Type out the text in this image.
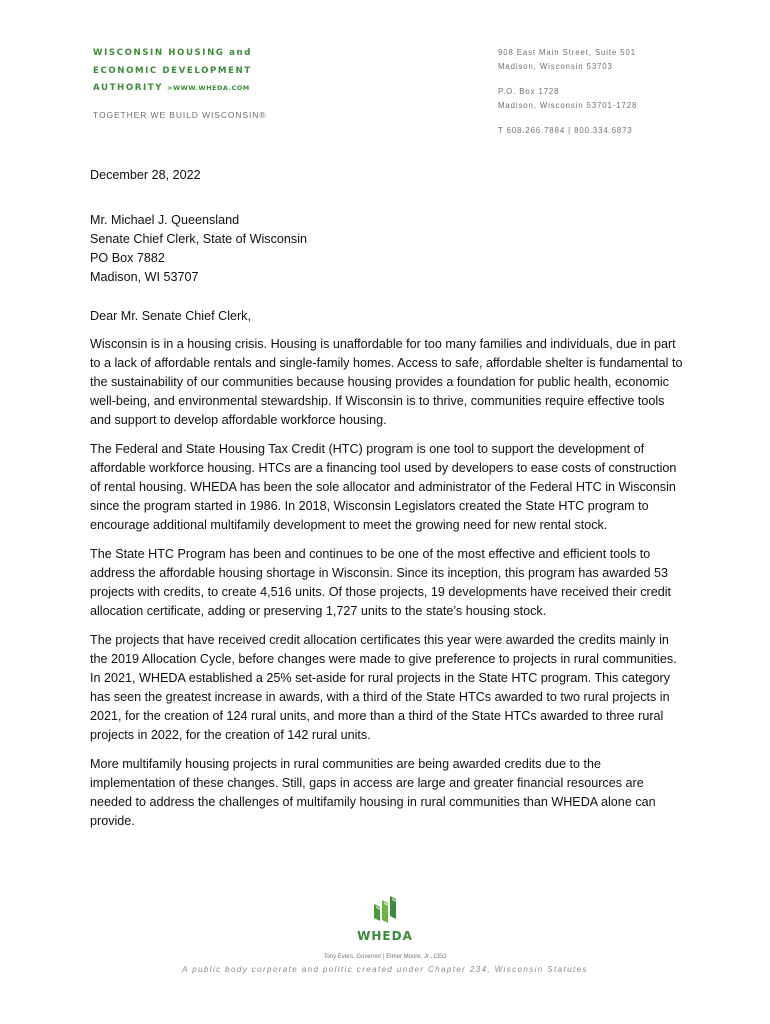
WISCONSIN HOUSING and
ECONOMIC DEVELOPMENT
AUTHORITY >WWW.WHEDA.COM
TOGETHER WE BUILD WISCONSIN®
908 East Main Street, Suite 501
Madison, Wisconsin 53703
P.O. Box 1728
Madison, Wisconsin 53701-1728
T 608.266.7884 | 800.334.6873
December 28, 2022
Mr. Michael J. Queensland
Senate Chief Clerk, State of Wisconsin
PO Box 7882
Madison, WI 53707
Dear Mr. Senate Chief Clerk,

Wisconsin is in a housing crisis. Housing is unaffordable for too many families and individuals, due in part to a lack of affordable rentals and single-family homes. Access to safe, affordable shelter is fundamental to the sustainability of our communities because housing provides a foundation for public health, economic well-being, and environmental stewardship. If Wisconsin is to thrive, communities require effective tools and support to develop affordable workforce housing.

The Federal and State Housing Tax Credit (HTC) program is one tool to support the development of affordable workforce housing. HTCs are a financing tool used by developers to ease costs of construction of rental housing. WHEDA has been the sole allocator and administrator of the Federal HTC in Wisconsin since the program started in 1986. In 2018, Wisconsin Legislators created the State HTC program to encourage additional multifamily development to meet the growing need for new rental stock.

The State HTC Program has been and continues to be one of the most effective and efficient tools to address the affordable housing shortage in Wisconsin. Since its inception, this program has awarded 53 projects with credits, to create 4,516 units. Of those projects, 19 developments have received their credit allocation certificate, adding or preserving 1,727 units to the state’s housing stock.

The projects that have received credit allocation certificates this year were awarded the credits mainly in the 2019 Allocation Cycle, before changes were made to give preference to projects in rural communities. In 2021, WHEDA established a 25% set-aside for rural projects in the State HTC program. This category has seen the greatest increase in awards, with a third of the State HTCs awarded to two rural projects in 2021, for the creation of 124 rural units, and more than a third of the State HTCs awarded to three rural projects in 2022, for the creation of 142 rural units.

More multifamily housing projects in rural communities are being awarded credits due to the implementation of these changes. Still, gaps in access are large and greater financial resources are needed to address the challenges of multifamily housing in rural communities than WHEDA alone can provide.

WHEDA
Tony Evers, Governor | Elmer Moore, Jr., CEO
A public body corporate and politic created under Chapter 234, Wisconsin Statutes
